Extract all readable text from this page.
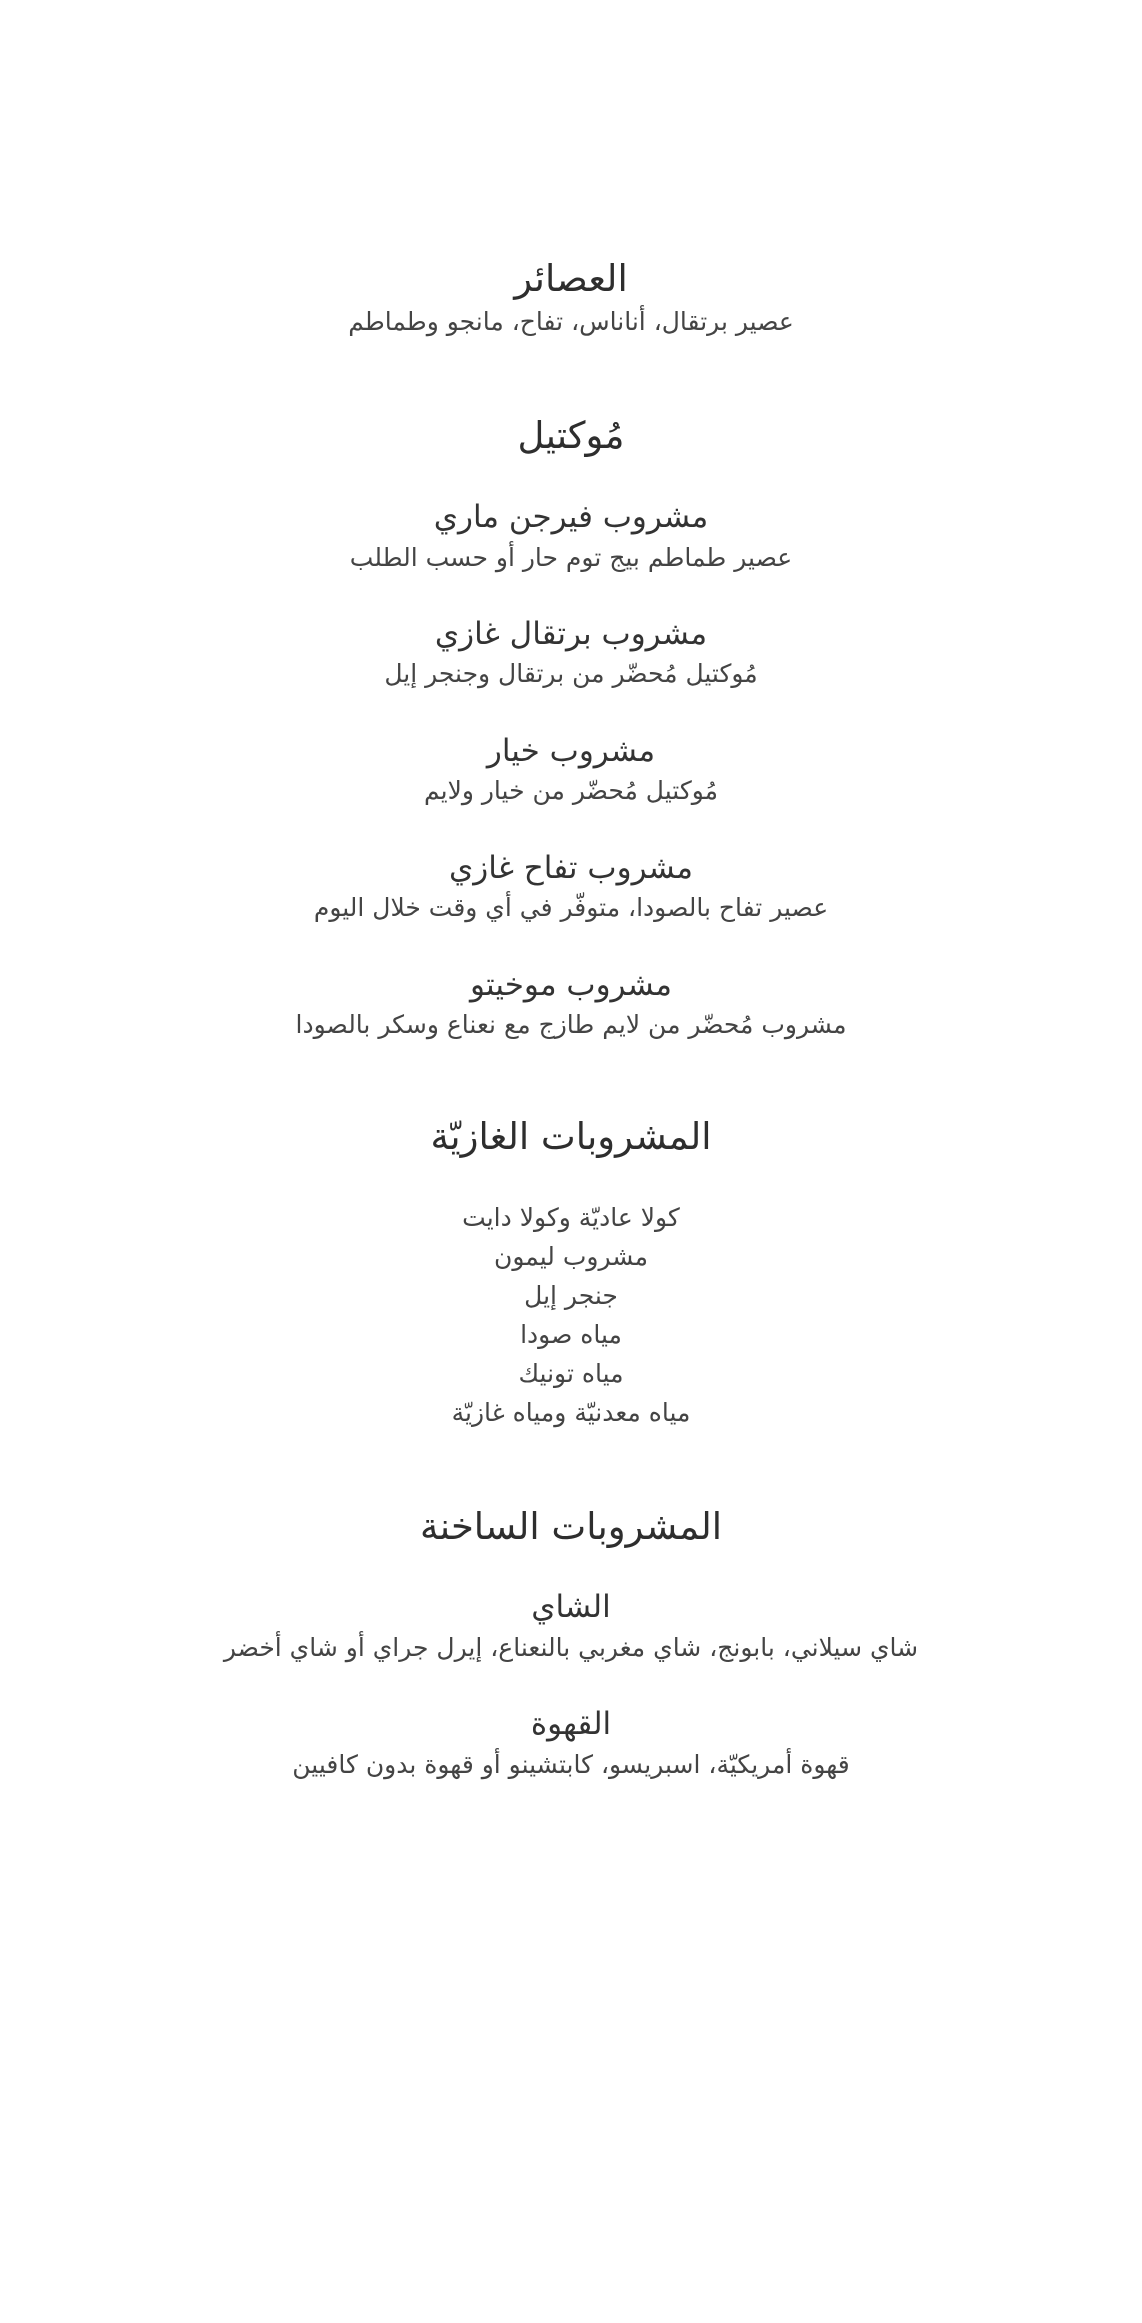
العصائر

عصير برتقال، أناناس، تفاح، مانجو وطماطم

مُوكتيل
مشروب فيرجن ماري

عصير طماطم بيج توم حار أو حسب الطلب

مشروب برتقال غازي

مُوكتيل مُحضّر من برتقال وجنجر إيل

مشروب خيار

مُوكتيل مُحضّر من خيار ولايم

مشروب تفاح غازي

عصير تفاح بالصودا، متوفّر في أي وقت خلال اليوم

مشروب موخيتو

مشروب مُحضّر من لايم طازج مع نعناع وسكر بالصودا

المشروبات الغازيّة

كولا عاديّة وكولا دايت

مشروب ليمون

جنجر إيل

مياه صودا

مياه تونيك

مياه معدنيّة ومياه غازيّة

المشروبات الساخنة
الشاي

شاي سيلاني، بابونج، شاي مغربي بالنعناع، إيرل جراي أو شاي أخضر

القهوة

قهوة أمريكيّة، اسبريسو، كابتشينو أو قهوة بدون كافيين
